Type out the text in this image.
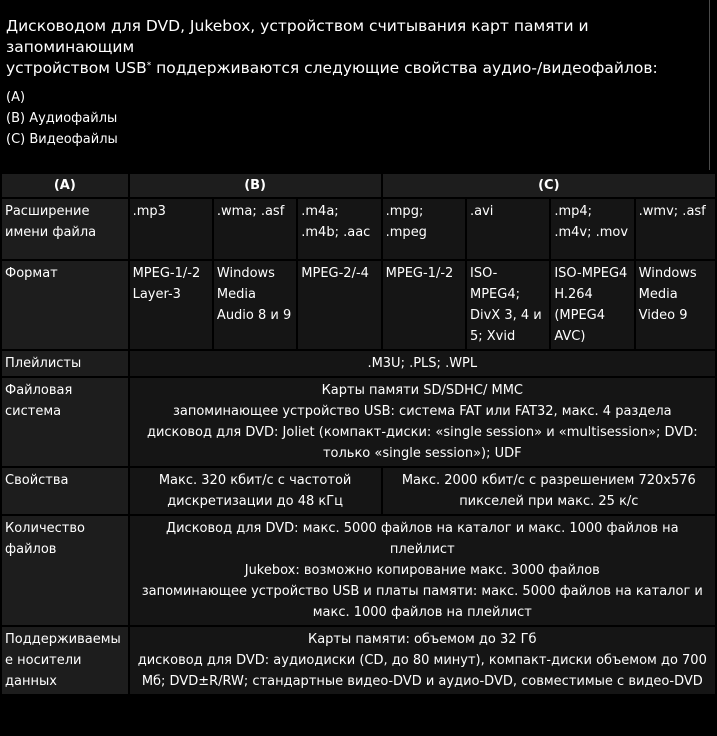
Дисководом для DVD, Jukebox, устройством считывания карт памяти и запоминающим
устройством USB* поддерживаются следующие свойства аудио-/видеофайлов:
(A)
(B) Аудиофайлы
(C) Видеофайлы
(A)	(B)			(C)			
Расширение имени файла	.mp3	.wma; .asf	.m4a; .m4b; .aac	.mpg; .mpeg	.avi	.mp4; .m4v; .mov	.wmv; .asf
Формат	MPEG-1/-2 Layer-3	Windows Media Audio 8 и 9	MPEG-2/-4	MPEG-1/-2	ISO-MPEG4; DivX 3, 4 и 5; Xvid	ISO-MPEG4 H.264 (MPEG4 AVC)	Windows Media Video 9
Плейлисты	.M3U; .PLS; .WPL						
Файловая система	Карты памяти SD/SDHC/ MMC
запоминающее устройство USB: система FAT или FAT32, макс. 4 раздела
дисковод для DVD: Joliet (компакт-диски: «single session» и «multisession»; DVD: только «single session»); UDF						

Свойства	Макс. 320 кбит/с с частотой дискретизации до 48 кГц			Макс. 2000 кбит/с с разрешением 720x576 пикселей при макс. 25 к/с			
Количество файлов	Дисковод для DVD: макс. 5000 файлов на каталог и макс. 1000 файлов на плейлист
Jukebox: возможно копирование макс. 3000 файлов
запоминающее устройство USB и платы памяти: макс. 5000 файлов на каталог и макс. 1000 файлов на плейлист						

Поддерживаемые носители данных	Карты памяти: объемом до 32 Гб
дисковод для DVD: аудиодиски (CD, до 80 минут), компакт-диски объемом до 700 Мб; DVD±R/RW; стандартные видео-DVD и аудио-DVD, совместимые с видео-DVD						
